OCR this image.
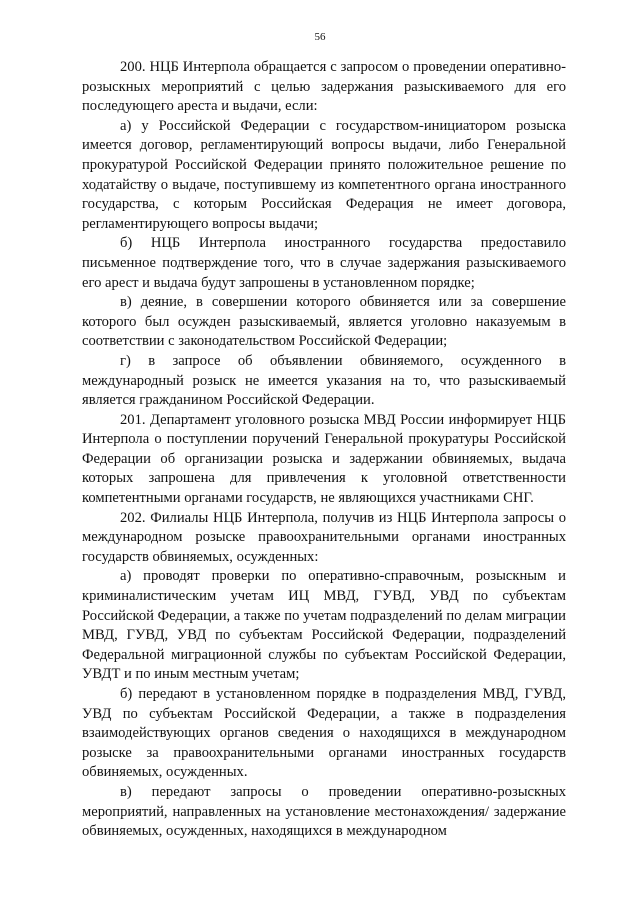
56

200. НЦБ Интерпола обращается с запросом о проведении оперативно-розыскных мероприятий с целью задержания разыскиваемого для его последующего ареста и выдачи, если:

а) у Российской Федерации с государством-инициатором розыска имеется договор, регламентирующий вопросы выдачи, либо Генеральной прокуратурой Российской Федерации принято положительное решение по ходатайству о выдаче, поступившему из компетентного органа иностранного государства, с которым Российская Федерация не имеет договора, регламентирующего вопросы выдачи;

б) НЦБ Интерпола иностранного государства предоставило письменное подтверждение того, что в случае задержания разыскиваемого его арест и выдача будут запрошены в установленном порядке;

в) деяние, в совершении которого обвиняется или за совершение которого был осужден разыскиваемый, является уголовно наказуемым в соответствии с законодательством Российской Федерации;

г) в запросе об объявлении обвиняемого, осужденного в международный розыск не имеется указания на то, что разыскиваемый является гражданином Российской Федерации.

201. Департамент уголовного розыска МВД России информирует НЦБ Интерпола о поступлении поручений Генеральной прокуратуры Российской Федерации об организации розыска и задержании обвиняемых, выдача которых запрошена для привлечения к уголовной ответственности компетентными органами государств, не являющихся участниками СНГ.

202. Филиалы НЦБ Интерпола, получив из НЦБ Интерпола запросы о международном розыске правоохранительными органами иностранных государств обвиняемых, осужденных:

а) проводят проверки по оперативно-справочным, розыскным и криминалистическим учетам ИЦ МВД, ГУВД, УВД по субъектам Российской Федерации, а также по учетам подразделений по делам миграции МВД, ГУВД, УВД по субъектам Российской Федерации, подразделений Федеральной миграционной службы по субъектам Российской Федерации, УВДТ и по иным местным учетам;

б) передают в установленном порядке в подразделения МВД, ГУВД, УВД по субъектам Российской Федерации, а также в подразделения взаимодействующих органов сведения о находящихся в международном розыске за правоохранительными органами иностранных государств обвиняемых, осужденных.

в) передают запросы о проведении оперативно-розыскных мероприятий, направленных на установление местонахождения/ задержание обвиняемых, осужденных, находящихся в международном
